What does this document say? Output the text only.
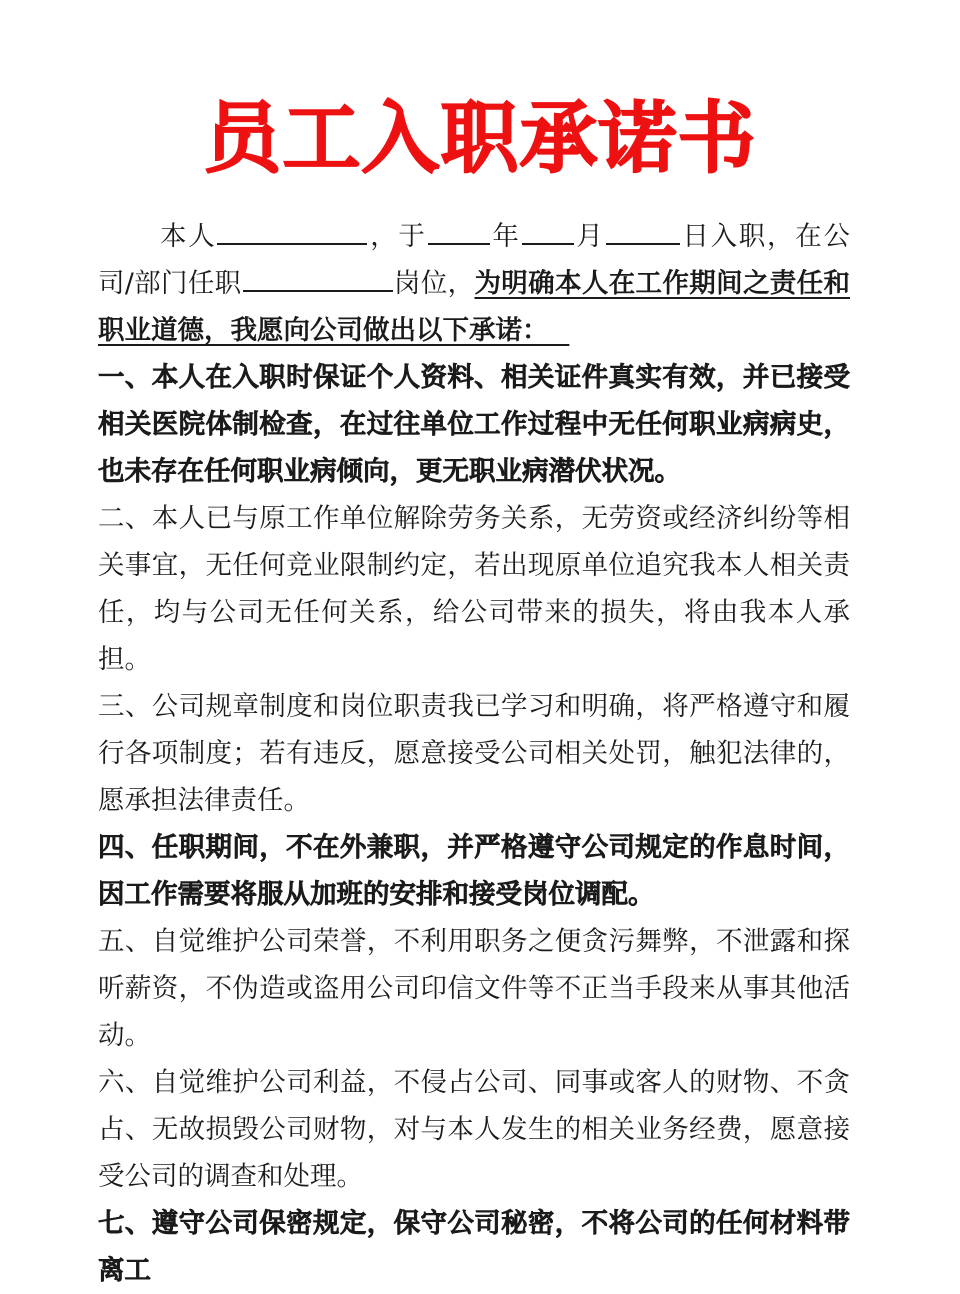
员工入职承诺书

本人	，于 年 月	日入职，在公司/部门任职	岗位，为明确本人在工作期间之责任和职业道德，我愿向公司做出以下承诺：

一、本人在入职时保证个人资料、相关证件真实有效，并已接受相关医院体制检查，在过往单位工作过程中无任何职业病病史，也未存在任何职业病倾向，更无职业病潜伏状况。

二、本人已与原工作单位解除劳务关系，无劳资或经济纠纷等相关事宜，无任何竞业限制约定，若出现原单位追究我本人相关责任，均与公司无任何关系，给公司带来的损失，将由我本人承担。

三、公司规章制度和岗位职责我已学习和明确，将严格遵守和履行各项制度；若有违反，愿意接受公司相关处罚，触犯法律的，愿承担法律责任。

四、任职期间，不在外兼职，并严格遵守公司规定的作息时间，因工作需要将服从加班的安排和接受岗位调配。

五、自觉维护公司荣誉，不利用职务之便贪污舞弊，不泄露和探听薪资，不伪造或盗用公司印信文件等不正当手段来从事其他活动。

六、自觉维护公司利益，不侵占公司、同事或客人的财物、不贪占、无故损毁公司财物，对与本人发生的相关业务经费，愿意接受公司的调查和处理。

七、遵守公司保密规定，保守公司秘密，不将公司的任何材料带离工
